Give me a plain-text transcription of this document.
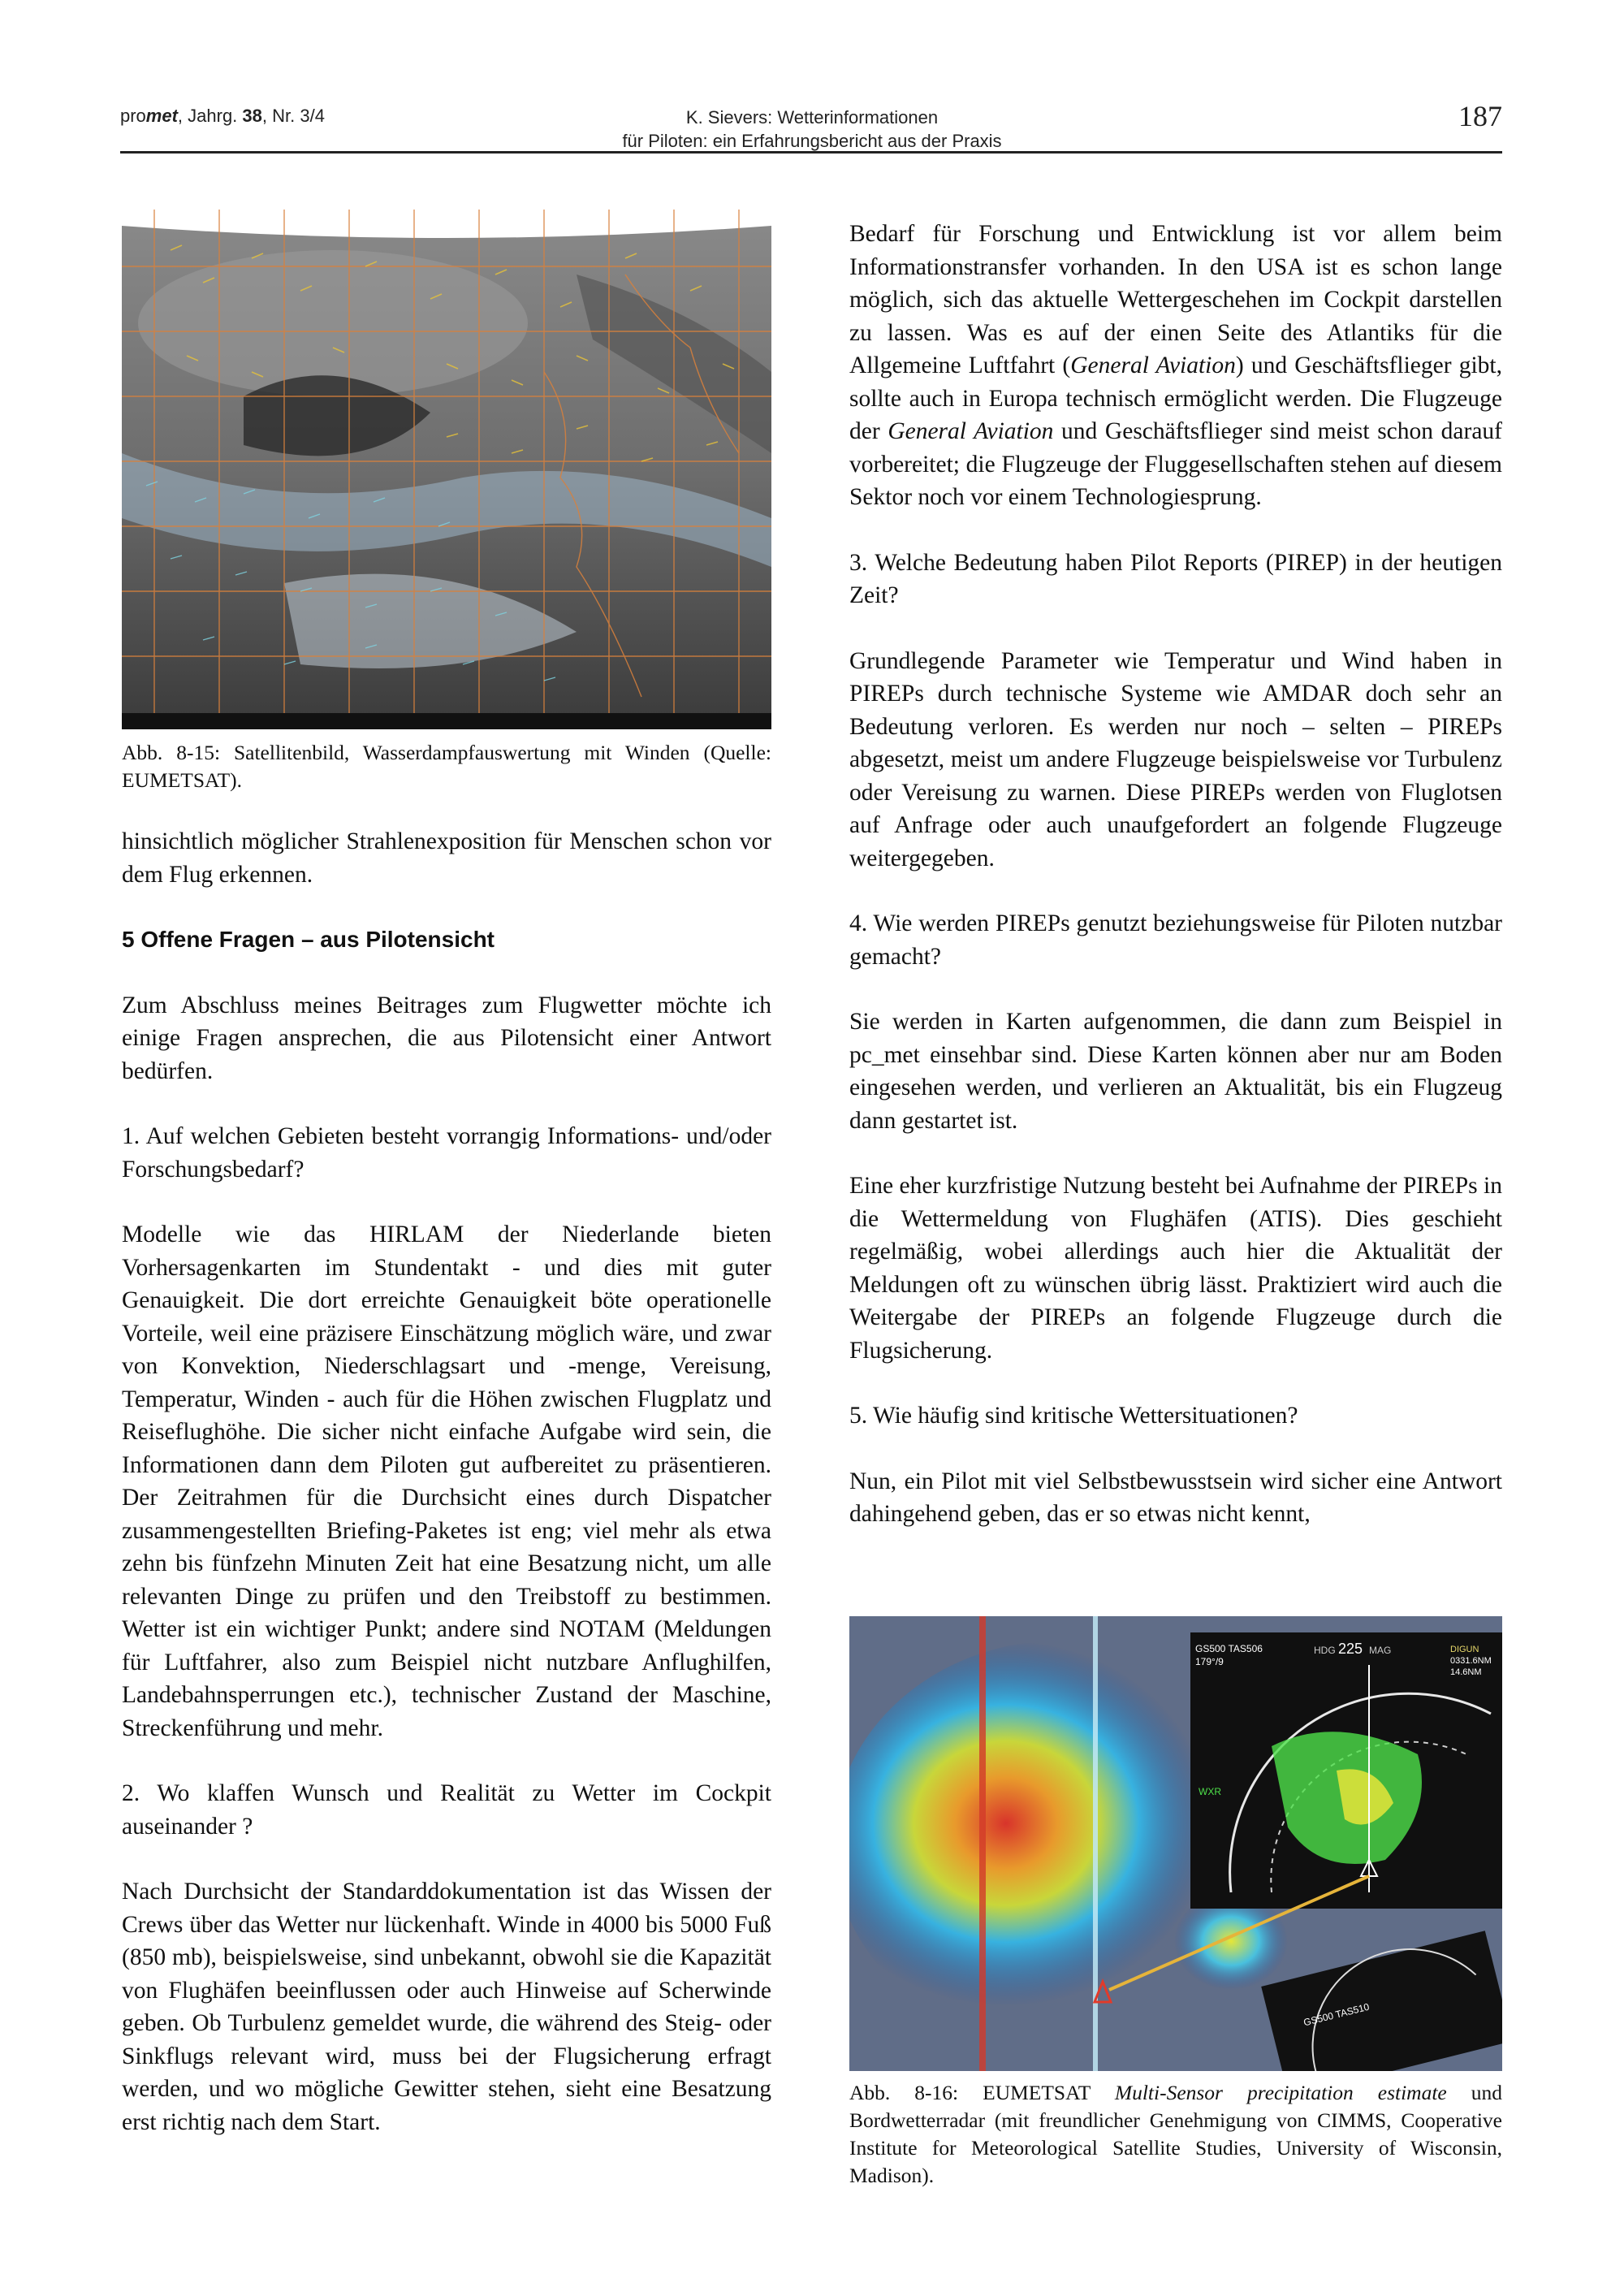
promet, Jahrg. 38, Nr. 3/4	K. Sievers: Wetterinformationen
für Piloten: ein Erfahrungsbericht aus der Praxis
187
225
HDG	MAG
GS500 TAS506
179°/9
DIGUN
0331.6NM
14.6NM
WXR
GS500 TAS510

Abb. 8-15: Satellitenbild, Wasserdampfauswertung mit Winden (Quelle: EUMETSAT).

hinsichtlich möglicher Strahlenexposition für Menschen schon vor dem Flug erkennen.

5 Offene Fragen – aus Pilotensicht

Zum Abschluss meines Beitrages zum Flugwetter möchte ich einige Fragen ansprechen, die aus Pilotensicht einer Antwort bedürfen.

1. Auf welchen Gebieten besteht vorrangig Informations- und/oder Forschungsbedarf?

Modelle wie das HIRLAM der Niederlande bieten Vorhersagenkarten im Stundentakt - und dies mit guter Genauigkeit. Die dort erreichte Genauigkeit böte operationelle Vorteile, weil eine präzisere Einschätzung möglich wäre, und zwar von Konvektion, Niederschlagsart und -menge, Vereisung, Temperatur, Winden - auch für die Höhen zwischen Flugplatz und Reiseflughöhe. Die sicher nicht einfache Aufgabe wird sein, die Informationen dann dem Piloten gut aufbereitet zu präsentieren. Der Zeitrahmen für die Durchsicht eines durch Dispatcher zusammengestellten Briefing-Paketes ist eng; viel mehr als etwa zehn bis fünfzehn Minuten Zeit hat eine Besatzung nicht, um alle relevanten Dinge zu prüfen und den Treibstoff zu bestimmen. Wetter ist ein wichtiger Punkt; andere sind NOTAM (Meldungen für Luftfahrer, also zum Beispiel nicht nutzbare Anflughilfen, Landebahnsperrungen etc.), technischer Zustand der Maschine, Streckenführung und mehr.

2. Wo klaffen Wunsch und Realität zu Wetter im Cockpit auseinander ?

Nach Durchsicht der Standarddokumentation ist das Wissen der Crews über das Wetter nur lückenhaft. Winde in 4000 bis 5000 Fuß (850 mb), beispielsweise, sind unbekannt, obwohl sie die Kapazität von Flughäfen beeinflussen oder auch Hinweise auf Scherwinde geben. Ob Turbulenz gemeldet wurde, die während des Steig- oder Sinkflugs relevant wird, muss bei der Flugsicherung erfragt werden, und wo mögliche Gewitter stehen, sieht eine Besatzung erst richtig nach dem Start.

Bedarf für Forschung und Entwicklung ist vor allem beim Informationstransfer vorhanden. In den USA ist es schon lange möglich, sich das aktuelle Wettergeschehen im Cockpit darstellen zu lassen. Was es auf der einen Seite des Atlantiks für die Allgemeine Luftfahrt (General Aviation) und Geschäftsflieger gibt, sollte auch in Europa technisch ermöglicht werden. Die Flugzeuge der General Aviation und Geschäftsflieger sind meist schon darauf vorbereitet; die Flugzeuge der Fluggesellschaften stehen auf diesem Sektor noch vor einem Technologiesprung.

3. Welche Bedeutung haben Pilot Reports (PIREP) in der heutigen Zeit?

Grundlegende Parameter wie Temperatur und Wind haben in PIREPs durch technische Systeme wie AMDAR doch sehr an Bedeutung verloren. Es werden nur noch – selten – PIREPs abgesetzt, meist um andere Flugzeuge beispielsweise vor Turbulenz oder Vereisung zu warnen. Diese PIREPs werden von Fluglotsen auf Anfrage oder auch unaufgefordert an folgende Flugzeuge weitergegeben.

4. Wie werden PIREPs genutzt beziehungsweise für Piloten nutzbar gemacht?

Sie werden in Karten aufgenommen, die dann zum Beispiel in pc_met einsehbar sind. Diese Karten können aber nur am Boden eingesehen werden, und verlieren an Aktualität, bis ein Flugzeug dann gestartet ist.

Eine eher kurzfristige Nutzung besteht bei Aufnahme der PIREPs in die Wettermeldung von Flughäfen (ATIS). Dies geschieht regelmäßig, wobei allerdings auch hier die Aktualität der Meldungen oft zu wünschen übrig lässt. Praktiziert wird auch die Weitergabe der PIREPs an folgende Flugzeuge durch die Flugsicherung.

5. Wie häufig sind kritische Wettersituationen?

Nun, ein Pilot mit viel Selbstbewusstsein wird sicher eine Antwort dahingehend geben, das er so etwas nicht kennt,

Abb. 8-16: EUMETSAT Multi-Sensor precipitation estimate und Bordwetterradar (mit freundlicher Genehmigung von CIMMS, Cooperative Institute for Meteorological Satellite Studies, University of Wisconsin, Madison).
